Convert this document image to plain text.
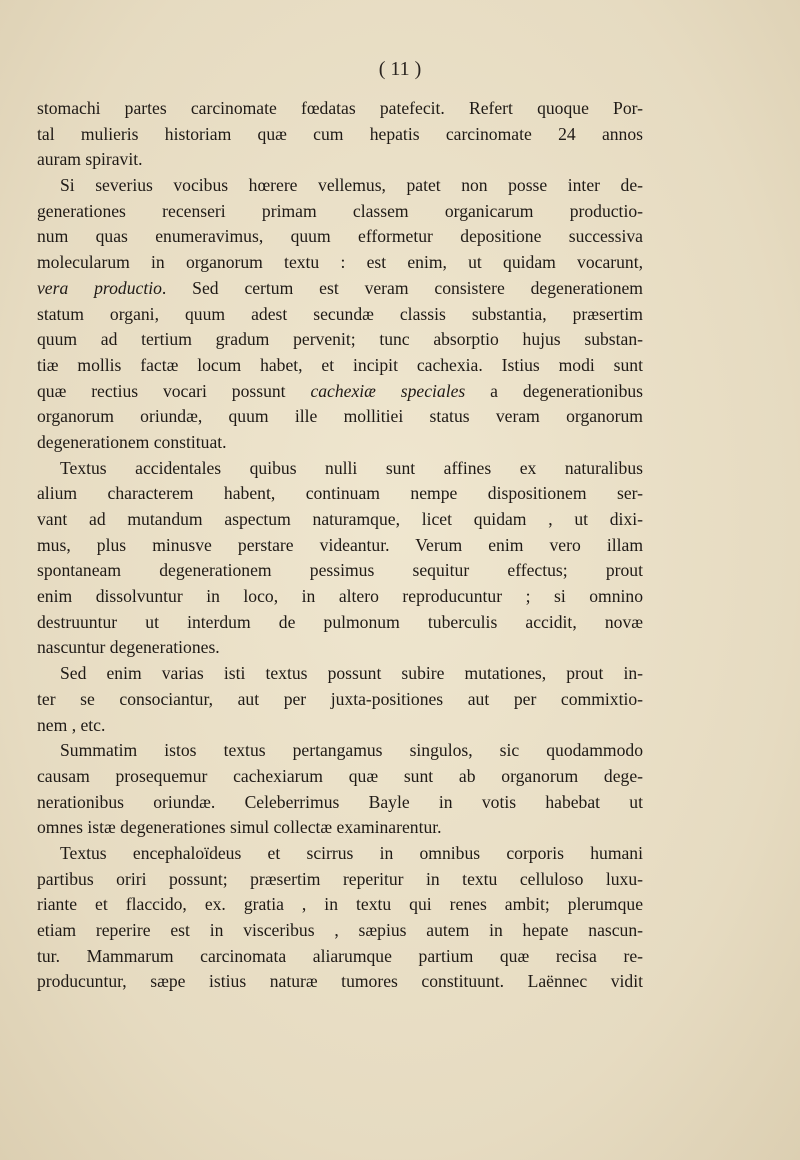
( 11 )
stomachi partes carcinomate fœdatas patefecit. Refert quoque Por-
tal mulieris historiam quæ cum hepatis carcinomate 24 annos
auram spiravit.
Si severius vocibus hœrere vellemus, patet non posse inter de-
generationes recenseri primam classem organicarum productio-
num quas enumeravimus, quum efformetur depositione successiva
molecularum in organorum textu : est enim, ut quidam vocarunt,
vera productio. Sed certum est veram consistere degenerationem
statum organi, quum adest secundæ classis substantia, præsertim
quum ad tertium gradum pervenit; tunc absorptio hujus substan-
tiæ mollis factæ locum habet, et incipit cachexia. Istius modi sunt
quæ rectius vocari possunt cachexiæ speciales a degenerationibus
organorum oriundæ, quum ille mollitiei status veram organorum
degenerationem constituat.
Textus accidentales quibus nulli sunt affines ex naturalibus
alium characterem habent, continuam nempe dispositionem ser-
vant ad mutandum aspectum naturamque, licet quidam , ut dixi-
mus, plus minusve perstare videantur. Verum enim vero illam
spontaneam degenerationem pessimus sequitur effectus; prout
enim dissolvuntur in loco, in altero reproducuntur ; si omnino
destruuntur ut interdum de pulmonum tuberculis accidit, novæ
nascuntur degenerationes.
Sed enim varias isti textus possunt subire mutationes, prout in-
ter se consociantur, aut per juxta-positiones aut per commixtio-
nem , etc.
Summatim istos textus pertangamus singulos, sic quodammodo
causam prosequemur cachexiarum quæ sunt ab organorum dege-
nerationibus oriundæ. Celeberrimus Bayle in votis habebat ut
omnes istæ degenerationes simul collectæ examinarentur.
Textus encephaloïdeus et scirrus in omnibus corporis humani
partibus oriri possunt; præsertim reperitur in textu celluloso luxu-
riante et flaccido, ex. gratia , in textu qui renes ambit; plerumque
etiam reperire est in visceribus , sæpius autem in hepate nascun-
tur. Mammarum carcinomata aliarumque partium quæ recisa re-
producuntur, sæpe istius naturæ tumores constituunt. Laënnec vidit
